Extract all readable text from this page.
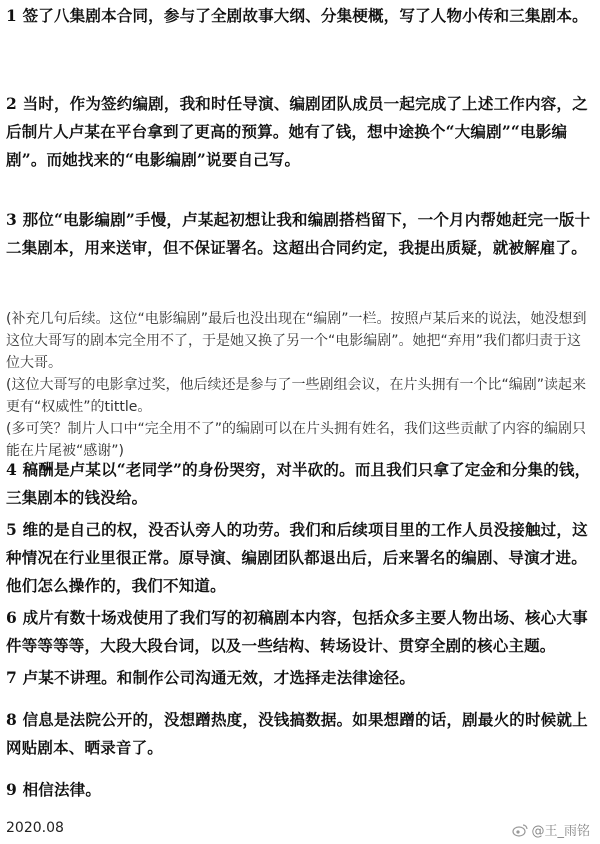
1 签了八集剧本合同，参与了全剧故事大纲、分集梗概，写了人物小传和三集剧本。
2 当时，作为签约编剧，我和时任导演、编剧团队成员一起完成了上述工作内容，之后制片人卢某在平台拿到了更高的预算。她有了钱，想中途换个“大编剧”“电影编剧”。而她找来的“电影编剧”说要自己写。
3 那位“电影编剧”手慢，卢某起初想让我和编剧搭档留下，一个月内帮她赶完一版十二集剧本，用来送审，但不保证署名。这超出合同约定，我提出质疑，就被解雇了。
(补充几句后续。这位“电影编剧”最后也没出现在“编剧”一栏。按照卢某后来的说法，她没想到这位大哥写的剧本完全用不了，于是她又换了另一个“电影编剧”。她把“弃用”我们都归责于这位大哥。
(这位大哥写的电影拿过奖，他后续还是参与了一些剧组会议，在片头拥有一个比“编剧”读起来更有“权威性”的tittle。
(多可笑？制片人口中“完全用不了”的编剧可以在片头拥有姓名，我们这些贡献了内容的编剧只能在片尾被“感谢”)
4 稿酬是卢某以“老同学”的身份哭穷，对半砍的。而且我们只拿了定金和分集的钱，三集剧本的钱没给。
5 维的是自己的权，没否认旁人的功劳。我们和后续项目里的工作人员没接触过，这种情况在行业里很正常。原导演、编剧团队都退出后，后来署名的编剧、导演才进。他们怎么操作的，我们不知道。
6 成片有数十场戏使用了我们写的初稿剧本内容，包括众多主要人物出场、核心大事件等等等等，大段大段台词，以及一些结构、转场设计、贯穿全剧的核心主题。
7 卢某不讲理。和制作公司沟通无效，才选择走法律途径。
8 信息是法院公开的，没想蹭热度，没钱搞数据。如果想蹭的话，剧最火的时候就上网贴剧本、晒录音了。
9 相信法律。
2020.08	@王_雨铭
